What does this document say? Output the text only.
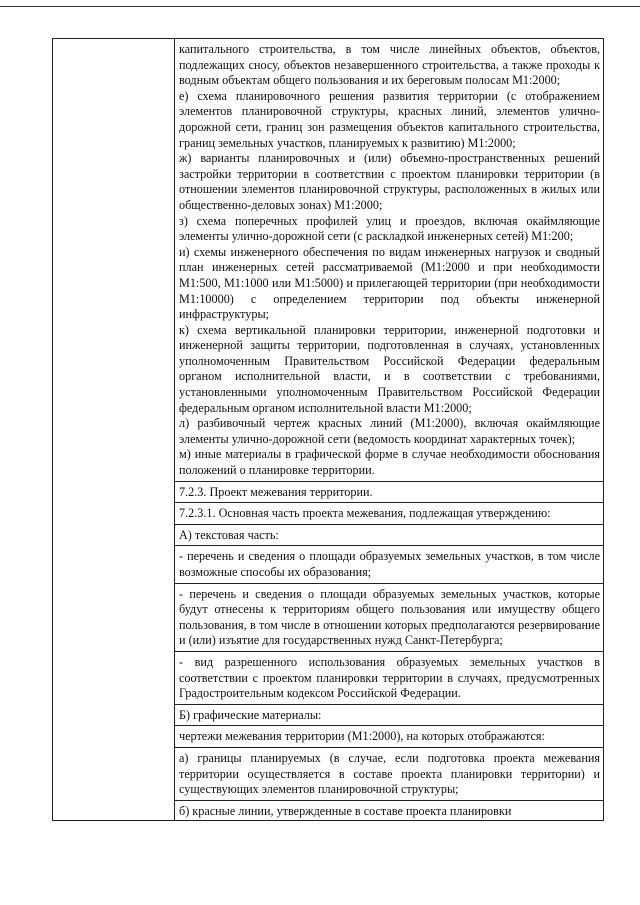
капитального строительства, в том числе линейных объектов, объектов, подлежащих сносу, объектов незавершенного строительства, а также проходы к водным объектам общего пользования и их береговым полосам М1:2000;
е) схема планировочного решения развития территории (с отображением элементов планировочной структуры, красных линий, элементов улично-дорожной сети, границ зон размещения объектов капитального строительства, границ земельных участков, планируемых к развитию) М1:2000;
ж) варианты планировочных и (или) объемно-пространственных решений застройки территории в соответствии с проектом планировки территории (в отношении элементов планировочной структуры, расположенных в жилых или общественно-деловых зонах) М1:2000;
з) схема поперечных профилей улиц и проездов, включая окаймляющие элементы улично-дорожной сети (с раскладкой инженерных сетей) М1:200;
и) схемы инженерного обеспечения по видам инженерных нагрузок и сводный план инженерных сетей рассматриваемой (М1:2000 и при необходимости М1:500, М1:1000 или М1:5000) и прилегающей территории (при необходимости М1:10000) с определением территории под объекты инженерной инфраструктуры;
к) схема вертикальной планировки территории, инженерной подготовки и инженерной защиты территории, подготовленная в случаях, установленных уполномоченным Правительством Российской Федерации федеральным органом исполнительной власти, и в соответствии с требованиями, установленными уполномоченным Правительством Российской Федерации федеральным органом исполнительной власти М1:2000;
л) разбивочный чертеж красных линий (М1:2000), включая окаймляющие элементы улично-дорожной сети (ведомость координат характерных точек);
м) иные материалы в графической форме в случае необходимости обоснования положений о планировке территории.
7.2.3. Проект межевания территории.
7.2.3.1. Основная часть проекта межевания, подлежащая утверждению:
А) текстовая часть:
- перечень и сведения о площади образуемых земельных участков, в том числе возможные способы их образования;
- перечень и сведения о площади образуемых земельных участков, которые будут отнесены к территориям общего пользования или имуществу общего пользования, в том числе в отношении которых предполагаются резервирование и (или) изъятие для государственных нужд Санкт-Петербурга;
- вид разрешенного использования образуемых земельных участков в соответствии с проектом планировки территории в случаях, предусмотренных Градостроительным кодексом Российской Федерации.
Б) графические материалы:
чертежи межевания территории (М1:2000), на которых отображаются:
а) границы планируемых (в случае, если подготовка проекта межевания территории осуществляется в составе проекта планировки территории) и существующих элементов планировочной структуры;
б) красные линии, утвержденные в составе проекта планировки
